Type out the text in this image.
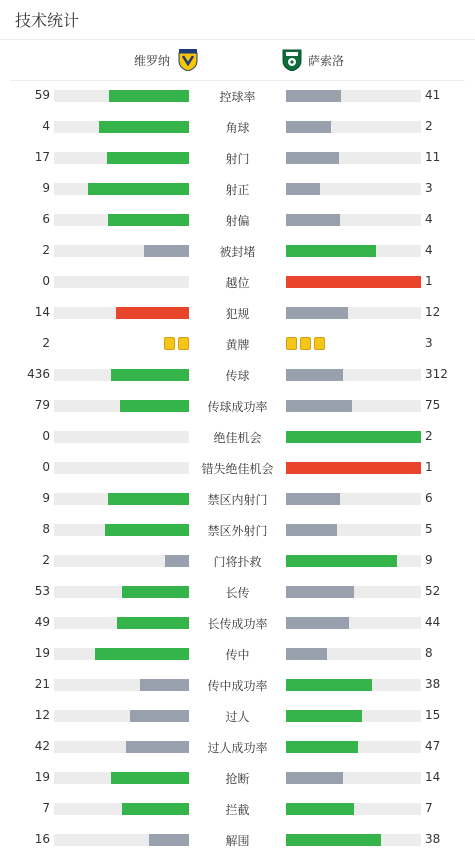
技术统计
维罗纳	萨索洛
59	控球率	41
4	角球	2
17	射门	11
9	射正	3
6	射偏	4
2	被封堵	4
0	越位	1
14	犯规	12
2	黄牌	3
436	传球	312
79	传球成功率	75
0	绝佳机会	2
0	错失绝佳机会	1
9	禁区内射门	6
8	禁区外射门	5
2	门将扑救	9
53	长传	52
49	长传成功率	44
19	传中	8
21	传中成功率	38
12	过人	15
42	过人成功率	47
19	抢断	14
7	拦截	7
16	解围	38
